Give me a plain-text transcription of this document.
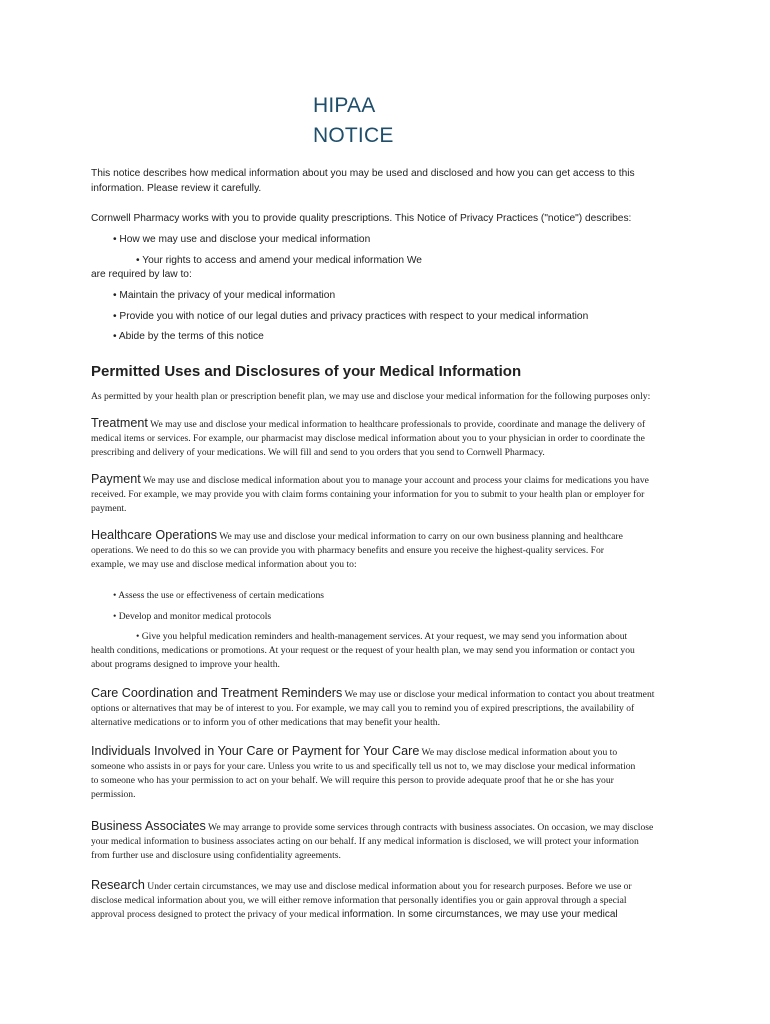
HIPAA
NOTICE
This notice describes how medical information about you may be used and disclosed and how you can get access to this
information. Please review it carefully.
Cornwell Pharmacy works with you to provide quality prescriptions. This Notice of Privacy Practices ("notice") describes:
• How we may use and disclose your medical information
• Your rights to access and amend your medical information We
are required by law to:
• Maintain the privacy of your medical information
• Provide you with notice of our legal duties and privacy practices with respect to your medical information
• Abide by the terms of this notice
Permitted Uses and Disclosures of your Medical Information
As permitted by your health plan or prescription benefit plan, we may use and disclose your medical information for the following purposes only:
Treatment We may use and disclose your medical information to healthcare professionals to provide, coordinate and manage the delivery of
medical items or services. For example, our pharmacist may disclose medical information about you to your physician in order to coordinate the
prescribing and delivery of your medications. We will fill and send to you orders that you send to Cornwell Pharmacy.
Payment We may use and disclose medical information about you to manage your account and process your claims for medications you have
received. For example, we may provide you with claim forms containing your information for you to submit to your health plan or employer for
payment.
Healthcare Operations We may use and disclose your medical information to carry on our own business planning and healthcare
operations. We need to do this so we can provide you with pharmacy benefits and ensure you receive the highest-quality services. For
example, we may use and disclose medical information about you to:
• Assess the use or effectiveness of certain medications
• Develop and monitor medical protocols
• Give you helpful medication reminders and health-management services. At your request, we may send you information about
health conditions, medications or promotions. At your request or the request of your health plan, we may send you information or contact you
about programs designed to improve your health.
Care Coordination and Treatment Reminders We may use or disclose your medical information to contact you about treatment
options or alternatives that may be of interest to you. For example, we may call you to remind you of expired prescriptions, the availability of
alternative medications or to inform you of other medications that may benefit your health.
Individuals Involved in Your Care or Payment for Your Care We may disclose medical information about you to
someone who assists in or pays for your care. Unless you write to us and specifically tell us not to, we may disclose your medical information
to someone who has your permission to act on your behalf. We will require this person to provide adequate proof that he or she has your
permission.
Business Associates We may arrange to provide some services through contracts with business associates. On occasion, we may disclose
your medical information to business associates acting on our behalf. If any medical information is disclosed, we will protect your information
from further use and disclosure using confidentiality agreements.
Research Under certain circumstances, we may use and disclose medical information about you for research purposes. Before we use or
disclose medical information about you, we will either remove information that personally identifies you or gain approval through a special
approval process designed to protect the privacy of your medical information. In some circumstances, we may use your medical
